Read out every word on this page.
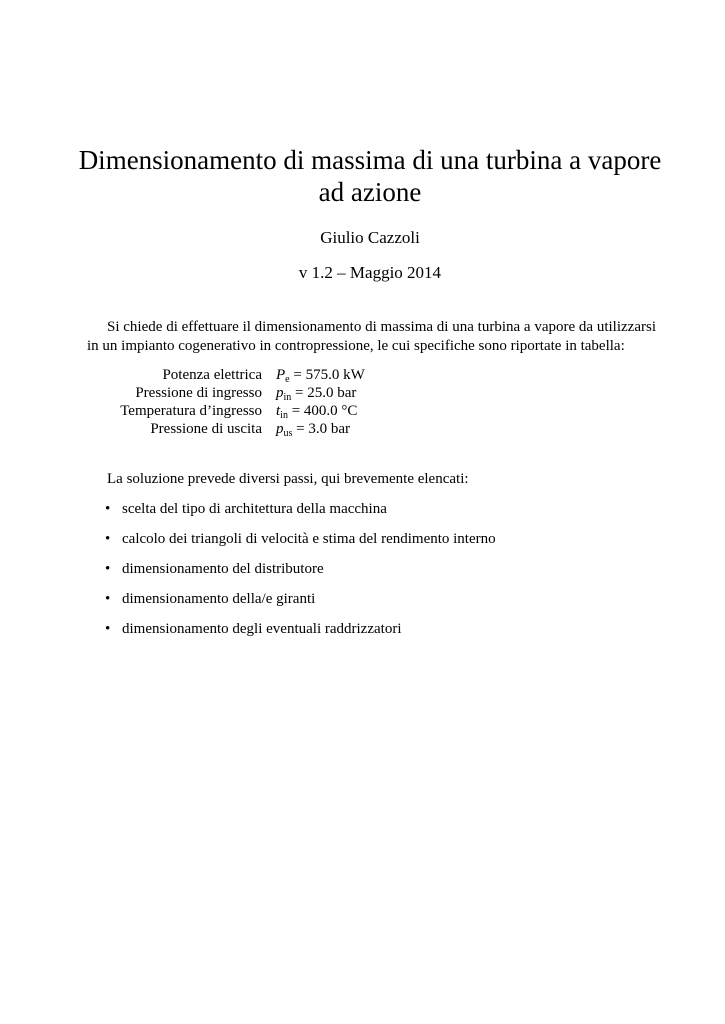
Dimensionamento di massima di una turbina a vapore
ad azione
Giulio Cazzoli
v 1.2 – Maggio 2014

Si chiede di effettuare il dimensionamento di massima di una turbina a vapore da utilizzarsi in un impianto cogenerativo in contropressione, le cui specifiche sono riportate in tabella:

Potenza elettrica	$P_e = 575.0$ kW
Pressione di ingresso	$p_{in} = 25.0$ bar
Temperatura d’ingresso	$t_{in} = 400.0$ °C
Pressione di uscita	$p_{us} = 3.0$ bar

La soluzione prevede diversi passi, qui brevemente elencati:

• scelta del tipo di architettura della macchina
• calcolo dei triangoli di velocità e stima del rendimento interno
• dimensionamento del distributore
• dimensionamento della/e giranti
• dimensionamento degli eventuali raddrizzatori
